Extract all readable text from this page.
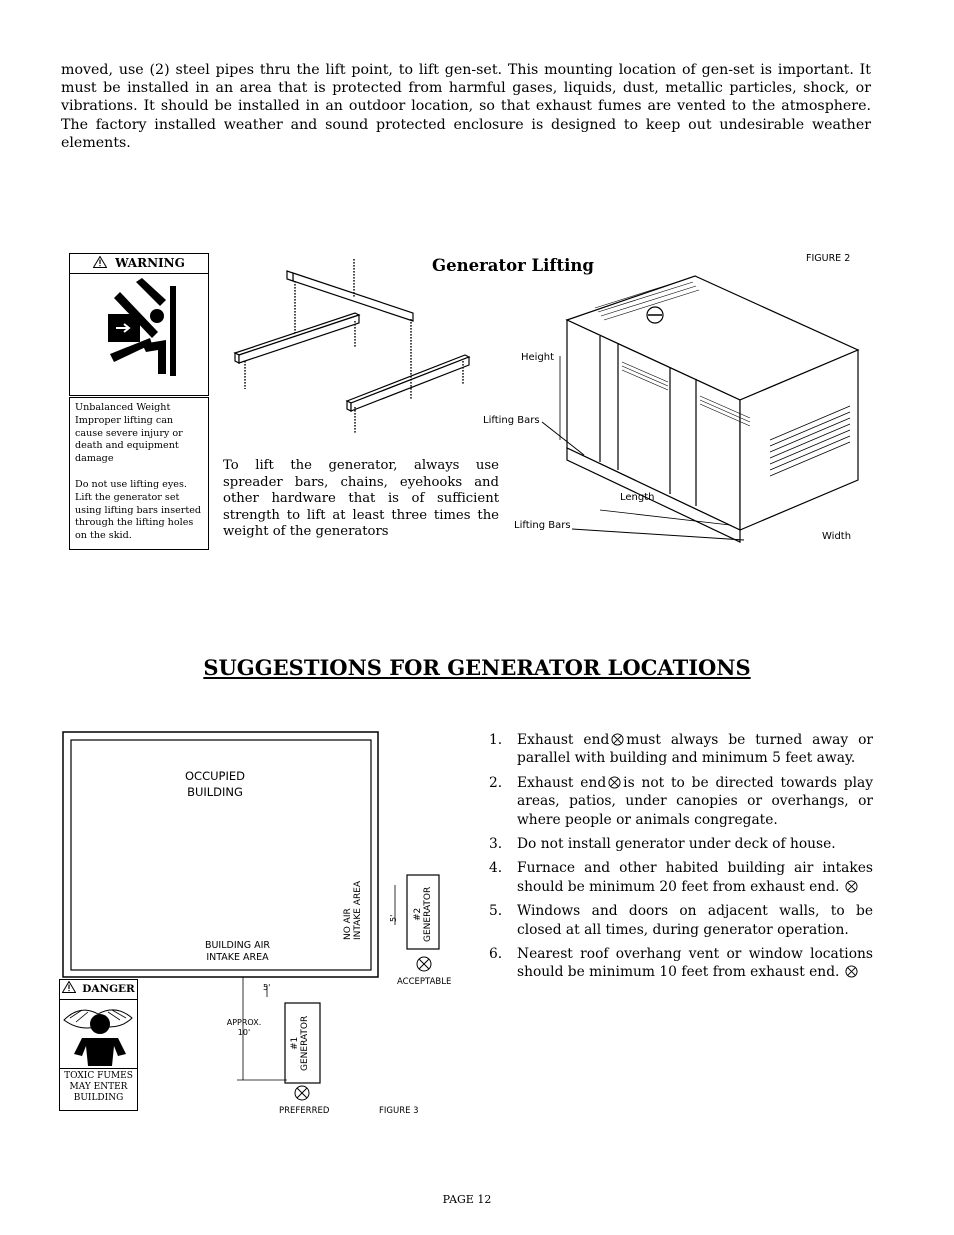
moved, use (2) steel pipes thru the lift point, to lift gen-set. This mounting location of gen-set is important. It must be installed in an area that is protected from harmful gases, liquids, dust, metallic particles, shock, or vibrations. It should be installed in an outdoor location, so that exhaust fumes are vented to the atmosphere. The factory installed weather and sound protected enclosure is designed to keep out undesirable weather elements.
WARNING
Unbalanced Weight Improper lifting can cause severe injury or death and equipment damage
Do not use lifting eyes. Lift the generator set using lifting bars inserted through the lifting holes on the skid.
Generator Lifting	FIGURE 2
To lift the generator, always use spreader bars, chains, eyehooks and other hardware that is of sufficient strength to lift at least three times the weight of the generators
Height
Lifting Bars
Length
Lifting Bars
Width
SUGGESTIONS FOR GENERATOR LOCATIONS
OCCUPIED
BUILDING
NO AIR INTAKE AREA
BUILDING AIR
INTAKE AREA
#2 GENERATOR
#1 GENERATOR
5'
5'
APPROX.
10'
ACCEPTABLE
PREFERRED	FIGURE 3
DANGER
TOXIC FUMES
MAY ENTER
BUILDING
1. Exhaust end must always be turned away or parallel with building and minimum 5 feet away.
2. Exhaust end is not to be directed towards play areas, patios, under canopies or overhangs, or where people or animals congregate.
3. Do not install generator under deck of house.
4. Furnace and other habited building air intakes should be minimum 20 feet from exhaust end.
5. Windows and doors on adjacent walls, to be closed at all times, during generator operation.
6. Nearest roof overhang vent or window locations should be minimum 10 feet from exhaust end.
PAGE 12
